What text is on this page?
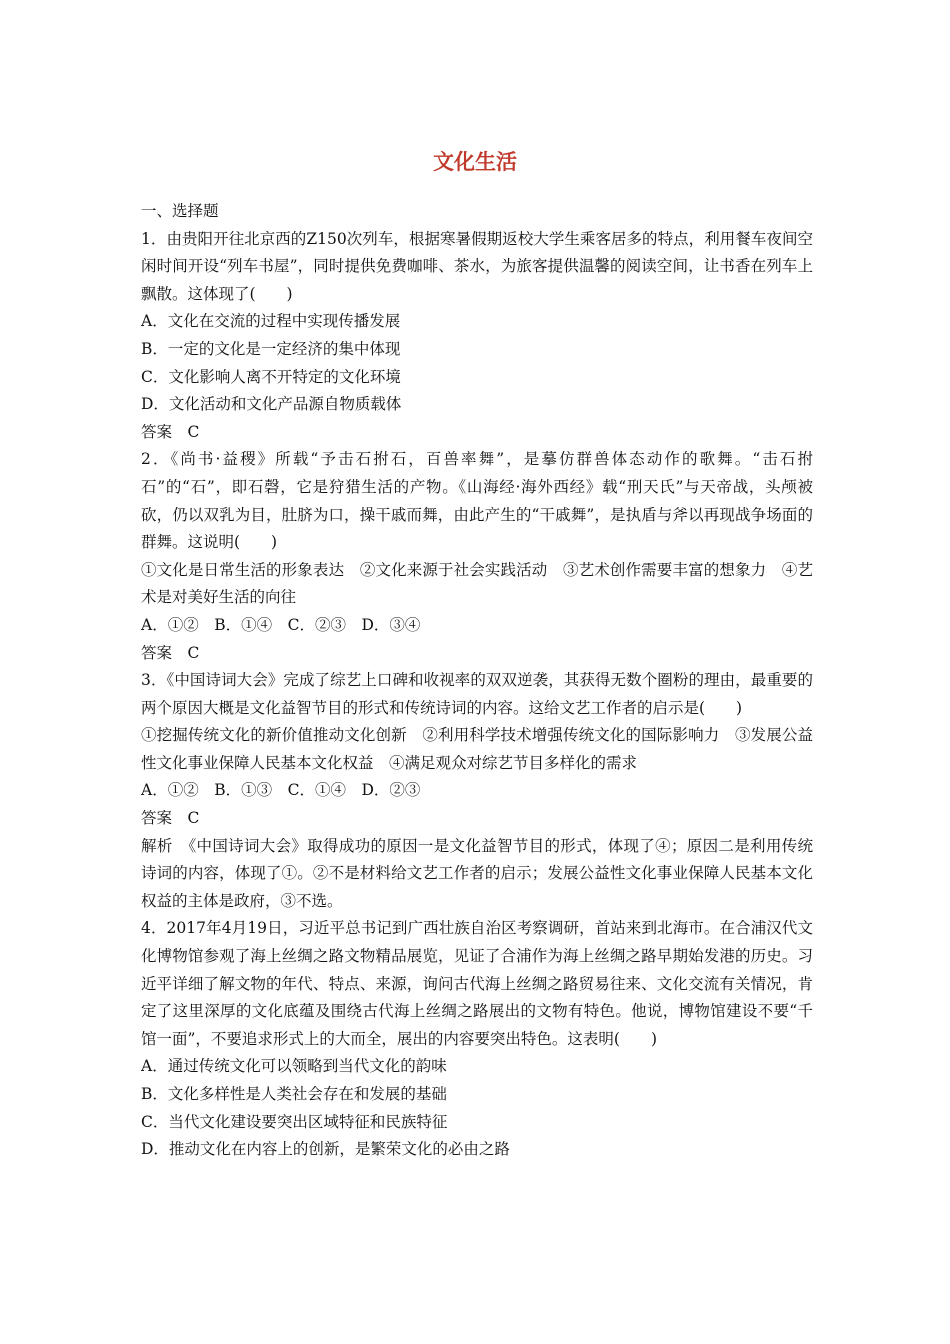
文化生活

一、选择题

1．由贵阳开往北京西的Z150次列车，根据寒暑假期返校大学生乘客居多的特点，利用餐车夜间空闲时间开设“列车书屋”，同时提供免费咖啡、茶水，为旅客提供温馨的阅读空间，让书香在列车上飘散。这体现了(　　)

A．文化在交流的过程中实现传播发展

B．一定的文化是一定经济的集中体现

C．文化影响人离不开特定的文化环境

D．文化活动和文化产品源自物质载体

答案　C

2．《尚书·益稷》所载“予击石拊石，百兽率舞”，是摹仿群兽体态动作的歌舞。“击石拊石”的“石”，即石磬，它是狩猎生活的产物。《山海经·海外西经》载“刑天氏”与天帝战，头颅被砍，仍以双乳为目，肚脐为口，操干戚而舞，由此产生的“干戚舞”，是执盾与斧以再现战争场面的群舞。这说明(　　)

①文化是日常生活的形象表达　②文化来源于社会实践活动　③艺术创作需要丰富的想象力　④艺术是对美好生活的向往

A．①②　B．①④　C．②③　D．③④

答案　C

3．《中国诗词大会》完成了综艺上口碑和收视率的双双逆袭，其获得无数个圈粉的理由，最重要的两个原因大概是文化益智节目的形式和传统诗词的内容。这给文艺工作者的启示是(　　)

①挖掘传统文化的新价值推动文化创新　②利用科学技术增强传统文化的国际影响力　③发展公益性文化事业保障人民基本文化权益　④满足观众对综艺节目多样化的需求

A．①②　B．①③　C．①④　D．②③

答案　C

解析　《中国诗词大会》取得成功的原因一是文化益智节目的形式，体现了④；原因二是利用传统诗词的内容，体现了①。②不是材料给文艺工作者的启示；发展公益性文化事业保障人民基本文化权益的主体是政府，③不选。

4．2017年4月19日，习近平总书记到广西壮族自治区考察调研，首站来到北海市。在合浦汉代文化博物馆参观了海上丝绸之路文物精品展览，见证了合浦作为海上丝绸之路早期始发港的历史。习近平详细了解文物的年代、特点、来源，询问古代海上丝绸之路贸易往来、文化交流有关情况，肯定了这里深厚的文化底蕴及围绕古代海上丝绸之路展出的文物有特色。他说，博物馆建设不要“千馆一面”，不要追求形式上的大而全，展出的内容要突出特色。这表明(　　)

A．通过传统文化可以领略到当代文化的韵味

B．文化多样性是人类社会存在和发展的基础

C．当代文化建设要突出区域特征和民族特征

D．推动文化在内容上的创新，是繁荣文化的必由之路
